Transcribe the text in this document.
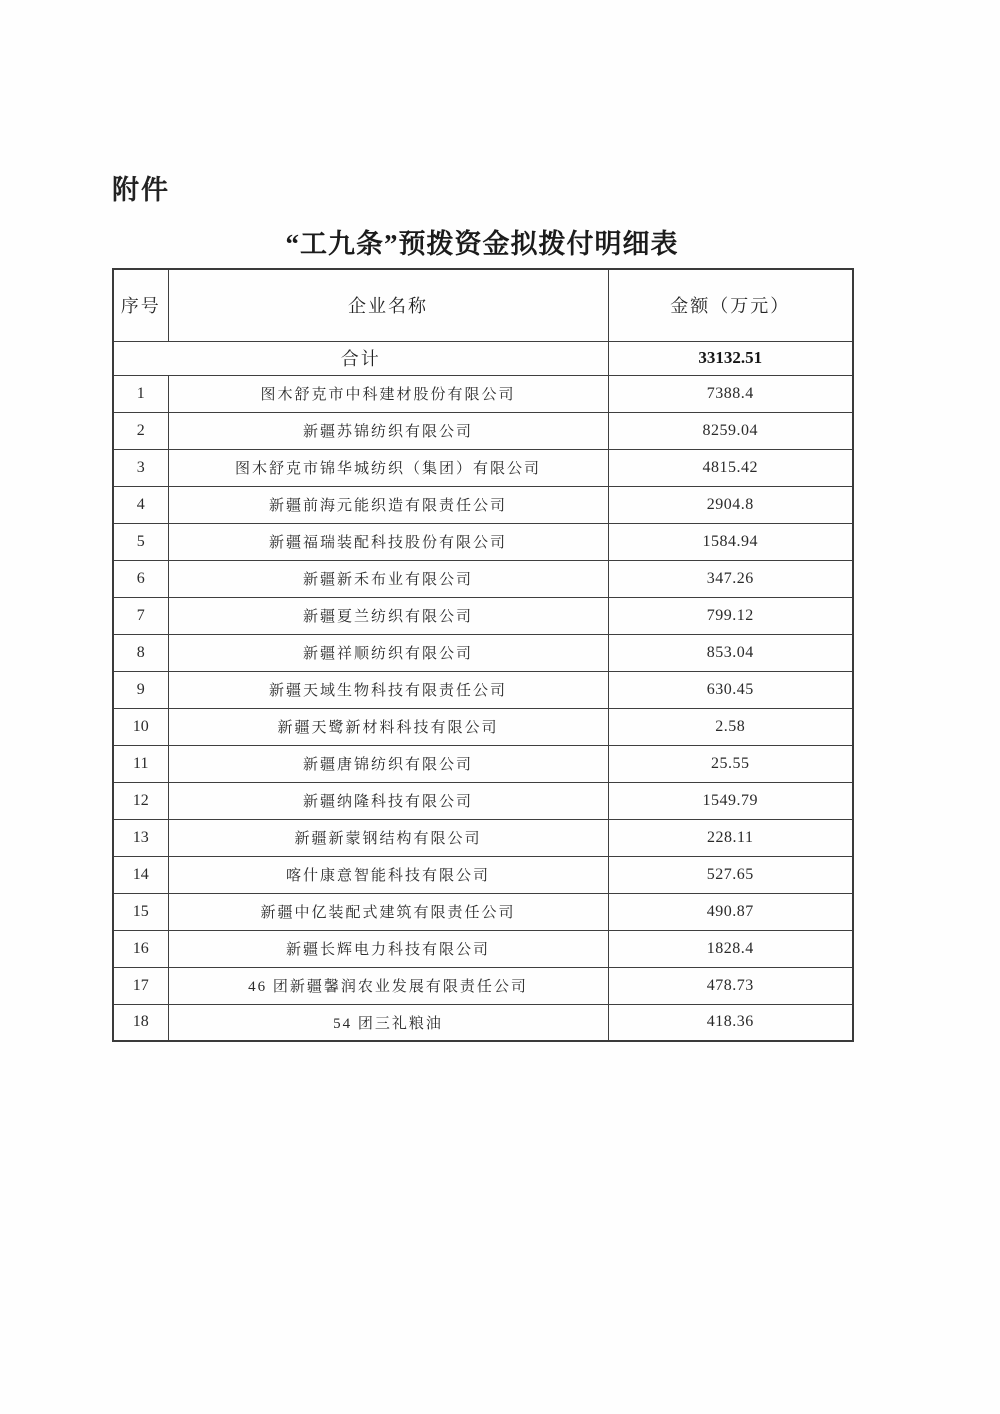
附件
“工九条”预拨资金拟拨付明细表
序号	企业名称	金额（万元）
合计		33132.51
1	图木舒克市中科建材股份有限公司	7388.4
2	新疆苏锦纺织有限公司	8259.04
3	图木舒克市锦华城纺织（集团）有限公司	4815.42
4	新疆前海元能织造有限责任公司	2904.8
5	新疆福瑞装配科技股份有限公司	1584.94
6	新疆新禾布业有限公司	347.26
7	新疆夏兰纺织有限公司	799.12
8	新疆祥顺纺织有限公司	853.04
9	新疆天域生物科技有限责任公司	630.45
10	新疆天鹭新材料科技有限公司	2.58
11	新疆唐锦纺织有限公司	25.55
12	新疆纳隆科技有限公司	1549.79
13	新疆新蒙钢结构有限公司	228.11
14	喀什康意智能科技有限公司	527.65
15	新疆中亿装配式建筑有限责任公司	490.87
16	新疆长辉电力科技有限公司	1828.4
17	46 团新疆馨润农业发展有限责任公司	478.73
18	54 团三礼粮油	418.36
